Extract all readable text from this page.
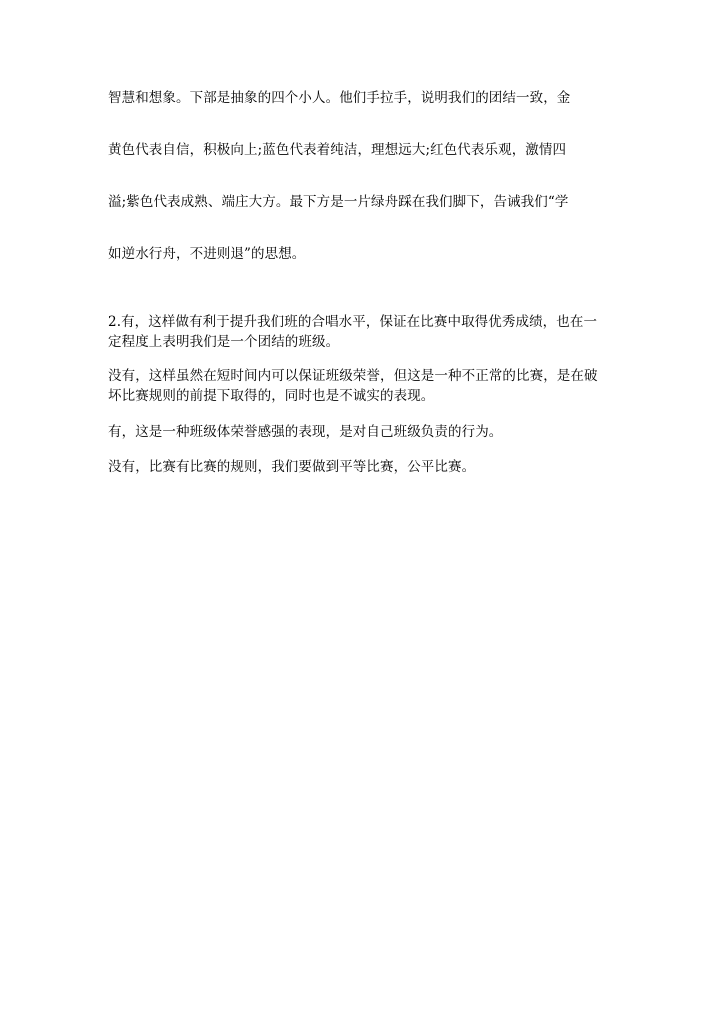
智慧和想象。下部是抽象的四个小人。他们手拉手，说明我们的团结一致，金
黄色代表自信，积极向上;蓝色代表着纯洁，理想远大;红色代表乐观，激情四
溢;紫色代表成熟、端庄大方。最下方是一片绿舟踩在我们脚下，告诫我们“学
如逆水行舟，不进则退”的思想。
2.有，这样做有利于提升我们班的合唱水平，保证在比赛中取得优秀成绩，也在一定程度上表明我们是一个团结的班级。
没有，这样虽然在短时间内可以保证班级荣誉，但这是一种不正常的比赛，是在破坏比赛规则的前提下取得的，同时也是不诚实的表现。
有，这是一种班级体荣誉感强的表现，是对自己班级负责的行为。
没有，比赛有比赛的规则，我们要做到平等比赛，公平比赛。
